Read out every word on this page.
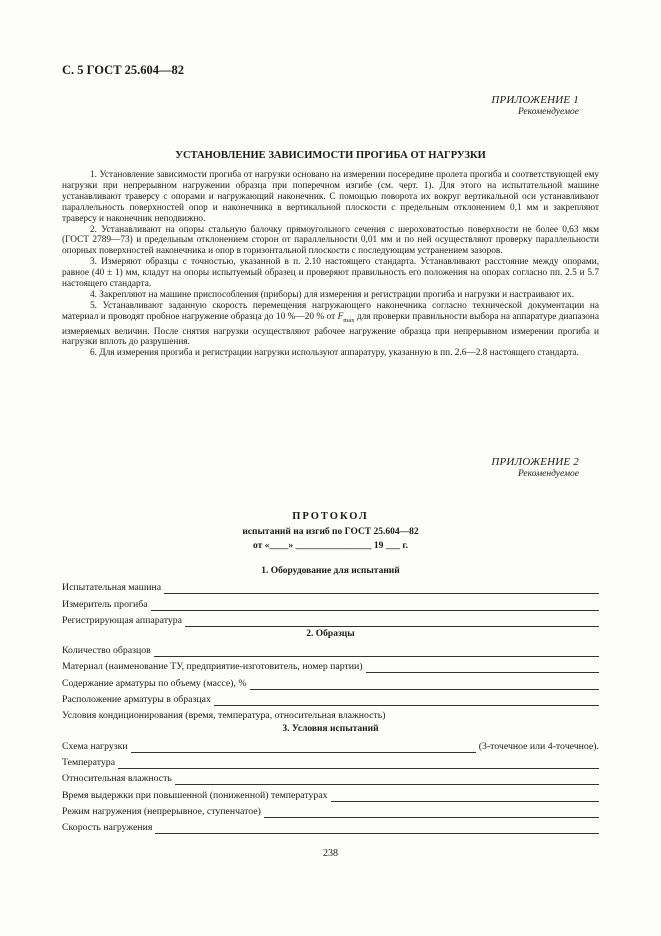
С. 5 ГОСТ 25.604—82
ПРИЛОЖЕНИЕ 1
Рекомендуемое
УСТАНОВЛЕНИЕ ЗАВИСИМОСТИ ПРОГИБА ОТ НАГРУЗКИ

1. Установление зависимости прогиба от нагрузки основано на измерении посередине пролета прогиба и соответствующей ему нагрузки при непрерывном нагружении образца при поперечном изгибе (см. черт. 1). Для этого на испытательной машине устанавливают траверсу с опорами и нагружающий наконечник. С помощью поворота их вокруг вертикальной оси устанавливают параллельность поверхностей опор и наконечника в вертикальной плоскости с предельным отклонением 0,1 мм и закрепляют траверсу и наконечник неподвижно.

2. Устанавливают на опоры стальную балочку прямоугольного сечения с шероховатостью поверхности не более 0,63 мкм (ГОСТ 2789—73) и предельным отклонением сторон от параллельности 0,01 мм и по ней осуществляют проверку параллельности опорных поверхностей наконечника и опор в горизонтальной плоскости с последующим устранением зазоров.

3. Измеряют образцы с точностью, указанной в п. 2.10 настоящего стандарта. Устанавливают расстояние между опорами, равное (40 ± 1) мм, кладут на опоры испытуемый образец и проверяют правильность его положения на опорах согласно пп. 2.5 и 5.7 настоящего стандарта.

4. Закрепляют на машине приспособления (приборы) для измерения и регистрации прогиба и нагрузки и настраивают их.

5. Устанавливают заданную скорость перемещения нагружающего наконечника согласно технической документации на материал и проводят пробное нагружение образца до 10 %—20 % от $F_{max}$ для проверки правильности выбора на аппаратуре диапазона измеряемых величин. После снятия нагрузки осуществляют рабочее нагружение образца при непрерывном измерении прогиба и нагрузки вплоть до разрушения.

6. Для измерения прогиба и регистрации нагрузки используют аппаратуру, указанную в пп. 2.6—2.8 настоящего стандарта.

ПРИЛОЖЕНИЕ 2
Рекомендуемое
ПРОТОКОЛ
испытаний на изгиб по ГОСТ 25.604—82
от «____» ________________ 19 ___ г.
1. Оборудование для испытаний
Испытательная машина
Измеритель прогиба
Регистрирующая аппаратура
2. Образцы
Количество образцов
Материал (наименование ТУ, предприятие-изготовитель, номер партии)
Содержание арматуры по объему (массе), %
Расположение арматуры в образцах
Условия кондиционирования (время, температура, относительная влажность)
3. Условия испытаний
Схема нагрузки	(3-точечное или 4-точечное).
Температура
Относительная влажность
Время выдержки при повышенной (пониженной) температурах
Режим нагружения (непрерывное, ступенчатое)
Скорость нагружения
238
